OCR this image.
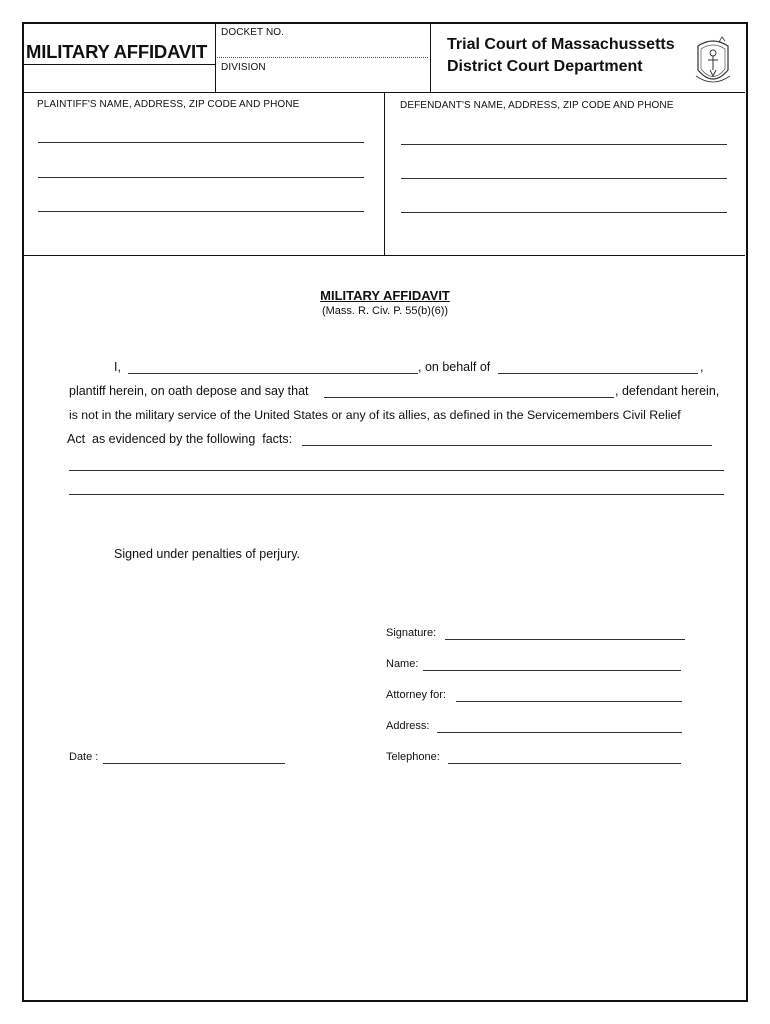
MILITARY AFFIDAVIT
DOCKET NO.
DIVISION
Trial Court of Massachussetts
District Court Department
PLAINTIFF'S NAME, ADDRESS, ZIP CODE AND PHONE	DEFENDANT'S NAME, ADDRESS, ZIP CODE AND PHONE
MILITARY AFFIDAVIT
(Mass. R. Civ. P. 55(b)(6))
I,	, on behalf of	,
plantiff herein, on oath depose and say that	, defendant herein,
is not in the military service of the United States or any of its allies, as defined in the Servicemembers Civil Relief
Act  as evidenced by the following  facts:
Signed under penalties of perjury.
Signature:
Name:
Attorney for:
Address:
Telephone:
Date :
